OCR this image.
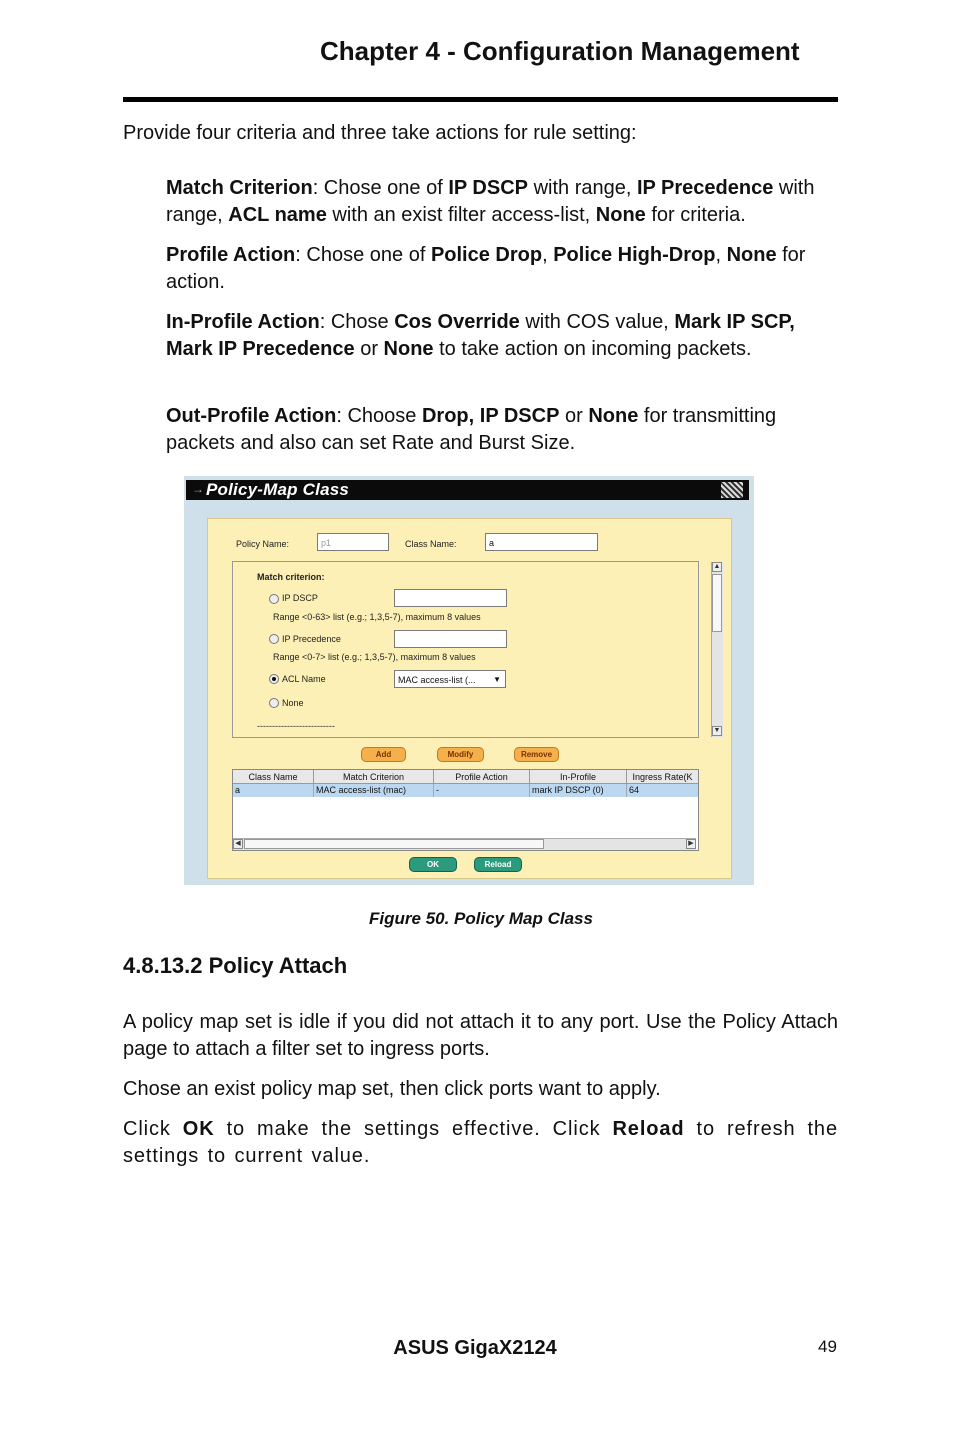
Chapter 4 - Configuration Management
Provide four criteria and three take actions for rule setting:
Match Criterion: Chose one of IP DSCP with range, IP Precedence with range, ACL name with an exist filter access-list, None for criteria.
Profile Action: Chose one of Police Drop, Police High-Drop, None for action.
In-Profile Action: Chose Cos Override with COS value, Mark IP SCP,  Mark IP Precedence or None to take action on incoming packets.
Out-Profile Action: Choose Drop, IP DSCP or None for transmitting packets and also can set Rate and Burst Size.
→ Policy-Map Class
Policy Name:	p1	Class Name:	a
Match criterion:
IP DSCP
Range <0-63> list (e.g.; 1,3,5-7), maximum 8 values
IP Precedence
Range <0-7> list (e.g.; 1,3,5-7), maximum 8 values
ACL Name	MAC access-list (... ▼
None
--------------------------
▲
▼
Add	Modify	Remove
Class Name	Match Criterion	Profile Action	In-Profile	Ingress Rate(K
a	MAC access-list (mac)	-	mark IP DSCP (0)	64
◀	▶
OK	Reload
Figure 50. Policy Map Class
4.8.13.2 Policy Attach
A policy map set is idle if you did not attach it to any port. Use the Policy Attach page to attach a filter set to ingress ports.
Chose an exist policy map set, then click ports want to apply.
Click OK to make the settings effective. Click Reload to refresh the settings to current value.
ASUS GigaX2124	49
